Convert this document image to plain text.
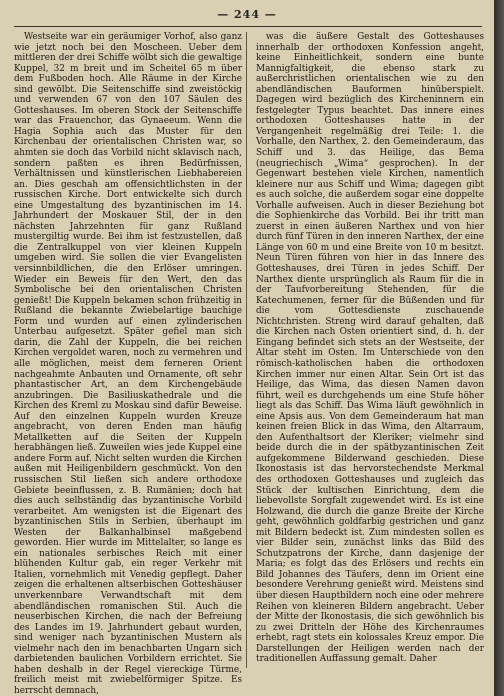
— 244 —

Westseite war ein geräumiger Vorhof, also ganz wie jetzt noch bei den Moscheen. Ueber dem mittleren der drei Schiffe wölbt sich die gewaltige Kuppel, 32 m breit und im Scheitel 65 m über dem Fußboden hoch. Alle Räume in der Kirche sind gewölbt. Die Seitenschiffe sind zweistöckig und verwenden 67 von den 107 Säulen des Gotteshauses. Im oberen Stock der Seitenschiffe war das Frauenchor, das Gynaeeum. Wenn die Hagia Sophia auch das Muster für den Kirchenbau der orientalischen Christen war, so ahmten sie doch das Vorbild nicht sklavisch nach, sondern paßten es ihren Bedürfnissen, Verhältnissen und künstlerischen Liebhabereien an. Dies geschah am offensichtlichsten in der russischen Kirche. Dort entwickelte sich durch eine Umgestaltung des byzantinischen im 14. Jahrhundert der Moskauer Stil, der in den nächsten Jahrzehnten für ganz Rußland mustergiltig wurde. Bei ihm ist festzustellen, daß die Zentralkuppel von vier kleinen Kuppeln umgeben wird. Sie sollen die vier Evangelisten versinnbildlichen, die den Erlöser umringen. Wieder ein Beweis für den Wert, den das Symbolische bei den orientalischen Christen genießt! Die Kuppeln bekamen schon frühzeitig in Rußland die bekannte Zwiebelartige bauchige Form und wurden auf einen zylinderischen Unterbau aufgesetzt. Später gefiel man sich darin, die Zahl der Kuppeln, die bei reichen Kirchen vergoldet waren, noch zu vermehren und alle möglichen, meist dem ferneren Orient nachgeahmte Anbauten und Ornamente, oft sehr phantastischer Art, an dem Kirchengebäude anzubringen. Die Basiliuskathedrale und die Kirchen des Kreml zu Moskau sind dafür Beweise. Auf den einzelnen Kuppeln wurden Kreuze angebracht, von deren Enden man häufig Metallketten auf die Seiten der Kuppeln herabhängen ließ. Zuweilen wies jede Kuppel eine andere Form auf. Nicht selten wurden die Kirchen außen mit Heiligenbildern geschmückt. Von den russischen Stil ließen sich andere orthodoxe Gebiete beeinflussen, z. B. Rumänien; doch hat dies auch selbständig das byzantinische Vorbild verarbeitet. Am wenigsten ist die Eigenart des byzantinischen Stils in Serbien, überhaupt im Westen der Balkanhalbinsel maßgebend geworden. Hier wurde im Mittelalter, so lange es ein nationales serbisches Reich mit einer blühenden Kultur gab, ein reger Verkehr mit Italien, vornehmlich mit Venedig gepflegt. Daher zeigen die erhaltenen altserbischen Gotteshäuser unverkennbare Verwandtschaft mit dem abendländischen romanischen Stil. Auch die neuserbischen Kirchen, die nach der Befreiung des Landes im 19. Jahrhundert gebaut wurden, sind weniger nach byzantinischen Mustern als vielmehr nach den im benachbarten Ungarn sich darbietenden baulichen Vorbildern errichtet. Sie haben deshalb in der Regel viereckige Türme, freilich meist mit zwiebelförmiger Spitze. Es herrscht demnach,

was die äußere Gestalt des Gotteshauses innerhalb der orthodoxen Konfession angeht, keine Einheitlichkeit, sondern eine bunte Mannigfaltigkeit, die ebenso stark zu außerchristlichen orientalischen wie zu den abendländischen Bauformen hinüberspielt. Dagegen wird bezüglich des Kircheninnern ein festgelegter Typus beachtet. Das innere eines orthodoxen Gotteshauses hatte in der Vergangenheit regelmäßig drei Teile: 1. die Vorhalle, den Narthex, 2. den Gemeinderaum, das Schiff und 3. das Heilige, das Bema (neugriechisch „Wima“ gesprochen). In der Gegenwart bestehen viele Kirchen, namentlich kleinere nur aus Schiff und Wima; dagegen gibt es auch solche, die außerdem sogar eine doppelte Vorhalle aufweisen. Auch in dieser Beziehung bot die Sophienkirche das Vorbild. Bei ihr tritt man zuerst in einen äußeren Narthex und von hier durch fünf Türen in den inneren Narthex, der eine Länge von 60 m und eine Breite von 10 m besitzt. Neun Türen führen von hier in das Innere des Gotteshauses, drei Türen in jedes Schiff. Der Narthex diente ursprünglich als Raum für die in der Taufvorbereitung Stehenden, für die Katechumenen, ferner für die Büßenden und für die vom Gottesdienste zuschauende Nichtchristen. Streng wird darauf gehalten, daß die Kirchen nach Osten orientiert sind, d. h. der Eingang befindet sich stets an der Westseite, der Altar steht im Osten. Im Unterschiede von den römisch-katholischen haben die orthodoxen Kirchen immer nur einen Altar. Sein Ort ist das Heilige, das Wima, das diesen Namen davon führt, weil es durchgehends um eine Stufe höher liegt als das Schiff. Das Wima läuft gewöhnlich in eine Apsis aus. Von dem Gemeinderaum hat man keinen freien Blick in das Wima, den Altarraum, den Aufenthaltsort der Kleriker; vielmehr sind beide durch die in der spätbyzantinischen Zeit aufgekommene Bilderwand geschieden. Diese Ikonostasis ist das hervorstechendste Merkmal des orthodoxen Gotteshauses und zugleich das Stück der kultischen Einrichtung, dem die liebevollste Sorgfalt zugewendet wird. Es ist eine Holzwand, die durch die ganze Breite der Kirche geht, gewöhnlich goldfarbig gestrichen und ganz mit Bildern bedeckt ist. Zum mindesten sollen es vier Bilder sein, zunächst links das Bild des Schutzpatrons der Kirche, dann dasjenige der Maria; es folgt das des Erlösers und rechts ein Bild Johannes des Täufers, denn im Orient eine besondere Verehrung genießt wird. Meistens sind über diesen Hauptbildern noch eine oder mehrere Reihen von kleineren Bildern angebracht. Ueber der Mitte der Ikonostasis, die sich gewöhnlich bis zu zwei Dritteln der Höhe des Kirchenraumes erhebt, ragt stets ein kolossales Kreuz empor. Die Darstellungen der Heiligen werden nach der traditionellen Auffassung gemalt. Daher
